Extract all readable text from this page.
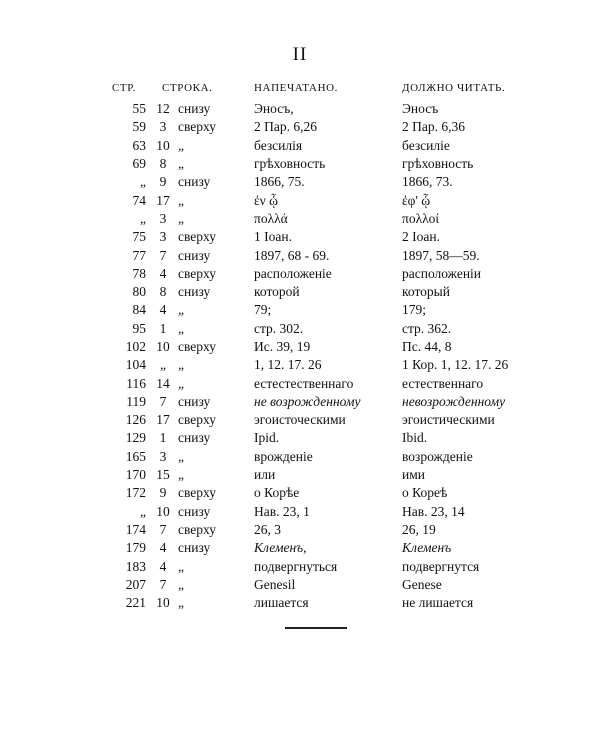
II
СТР.	СТРОКА.		НАПЕЧАТАНО.	ДОЛЖНО ЧИТАТЬ.
55	12	снизу	Эносъ,	Эносъ
59	3	сверху	2 Пар. 6,26	2 Пар. 6,36
63	10	„	безсилія	безсиліе
69	8	„	грѣховность	грѣховность
„	9	снизу	1866, 75.	1866, 73.
74	17	„	ἐν ᾧ	ἐφ' ᾧ
„	3	„	πολλά	πολλοί
75	3	сверху	1 Іоан.	2 Іоан.
77	7	снизу	1897, 68 - 69.	1897, 58—59.
78	4	сверху	расположеніе	расположеніи
80	8	снизу	которой	который
84	4	„	79;	179;
95	1	„	стр. 302.	стр. 362.
102	10	сверху	Ис. 39, 19	Пс. 44, 8
104	„	„	1, 12. 17. 26	1 Кор. 1, 12. 17. 26
116	14	„	естестественнаго	естественнаго
119	7	снизу	не возрожденному	невозрожденному
126	17	сверху	эгоисточескими	эгоистическими
129	1	снизу	Ipid.	Ibid.
165	3	„	врожденіе	возрожденіе
170	15	„	или	ими
172	9	сверху	о Корѣе	о Кореѣ
„	10	снизу	Нав. 23, 1	Нав. 23, 14
174	7	сверху	26, 3	26, 19
179	4	снизу	Клеменъ,	Клеменъ
183	4	„	подвергнуться	подвергнутся
207	7	„	Genesil	Genese
221	10	„	лишается	не лишается
